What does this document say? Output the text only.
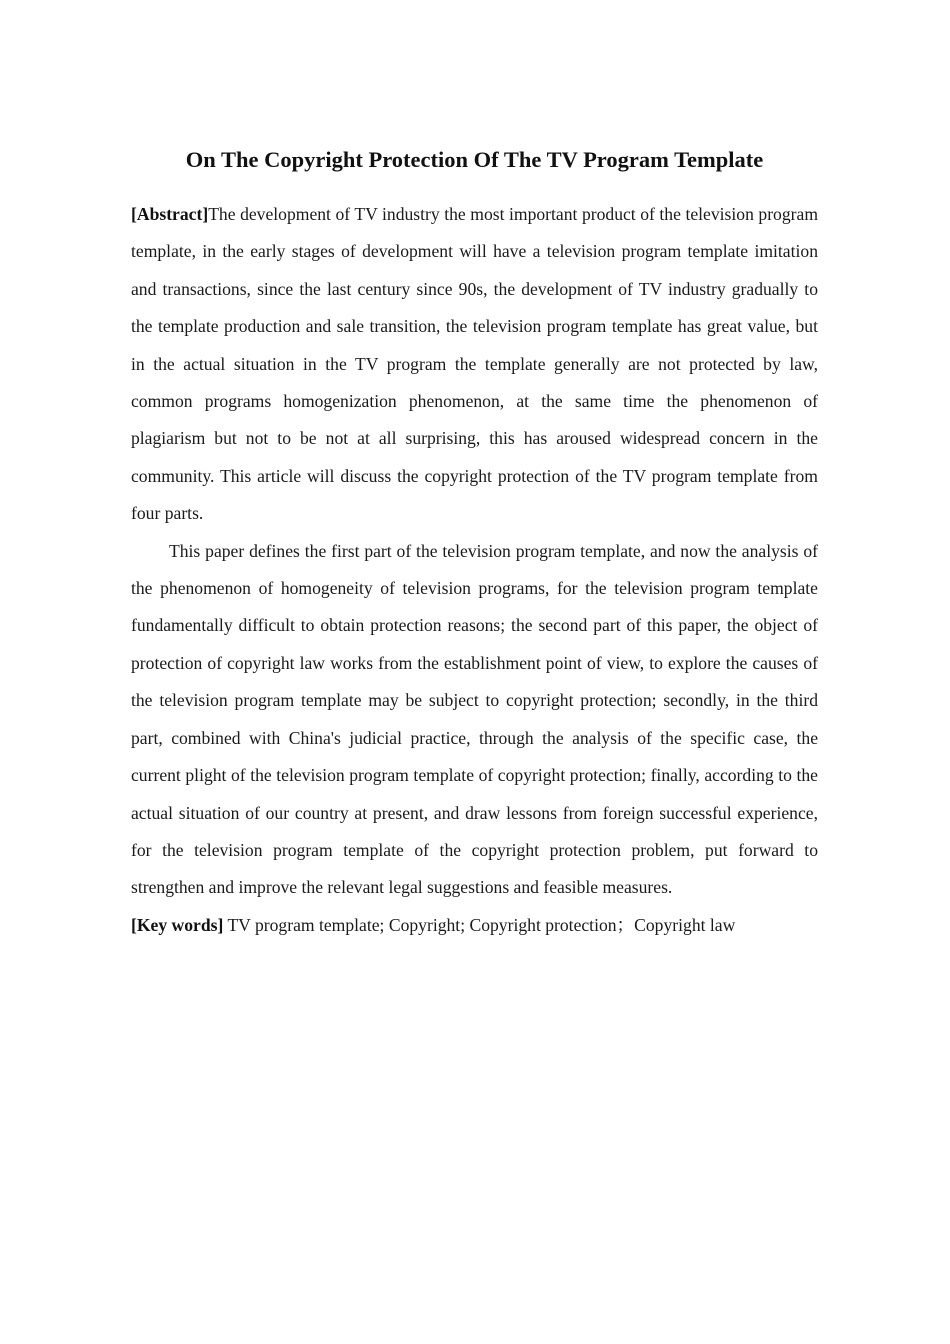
On The Copyright Protection Of The TV Program Template

[Abstract]The development of TV industry the most important product of the television program template, in the early stages of development will have a television program template imitation and transactions, since the last century since 90s, the development of TV industry gradually to the template production and sale transition, the television program template has great value, but in the actual situation in the TV program the template generally are not protected by law, common programs homogenization phenomenon, at the same time the phenomenon of plagiarism but not to be not at all surprising, this has aroused widespread concern in the community. This article will discuss the copyright protection of the TV program template from four parts.

This paper defines the first part of the television program template, and now the analysis of the phenomenon of homogeneity of television programs, for the television program template fundamentally difficult to obtain protection reasons; the second part of this paper, the object of protection of copyright law works from the establishment point of view, to explore the causes of the television program template may be subject to copyright protection; secondly, in the third part, combined with China's judicial practice, through the analysis of the specific case, the current plight of the television program template of copyright protection; finally, according to the actual situation of our country at present, and draw lessons from foreign successful experience, for the television program template of the copyright protection problem, put forward to strengthen and improve the relevant legal suggestions and feasible measures.

[Key words] TV program template; Copyright; Copyright protection；Copyright law
